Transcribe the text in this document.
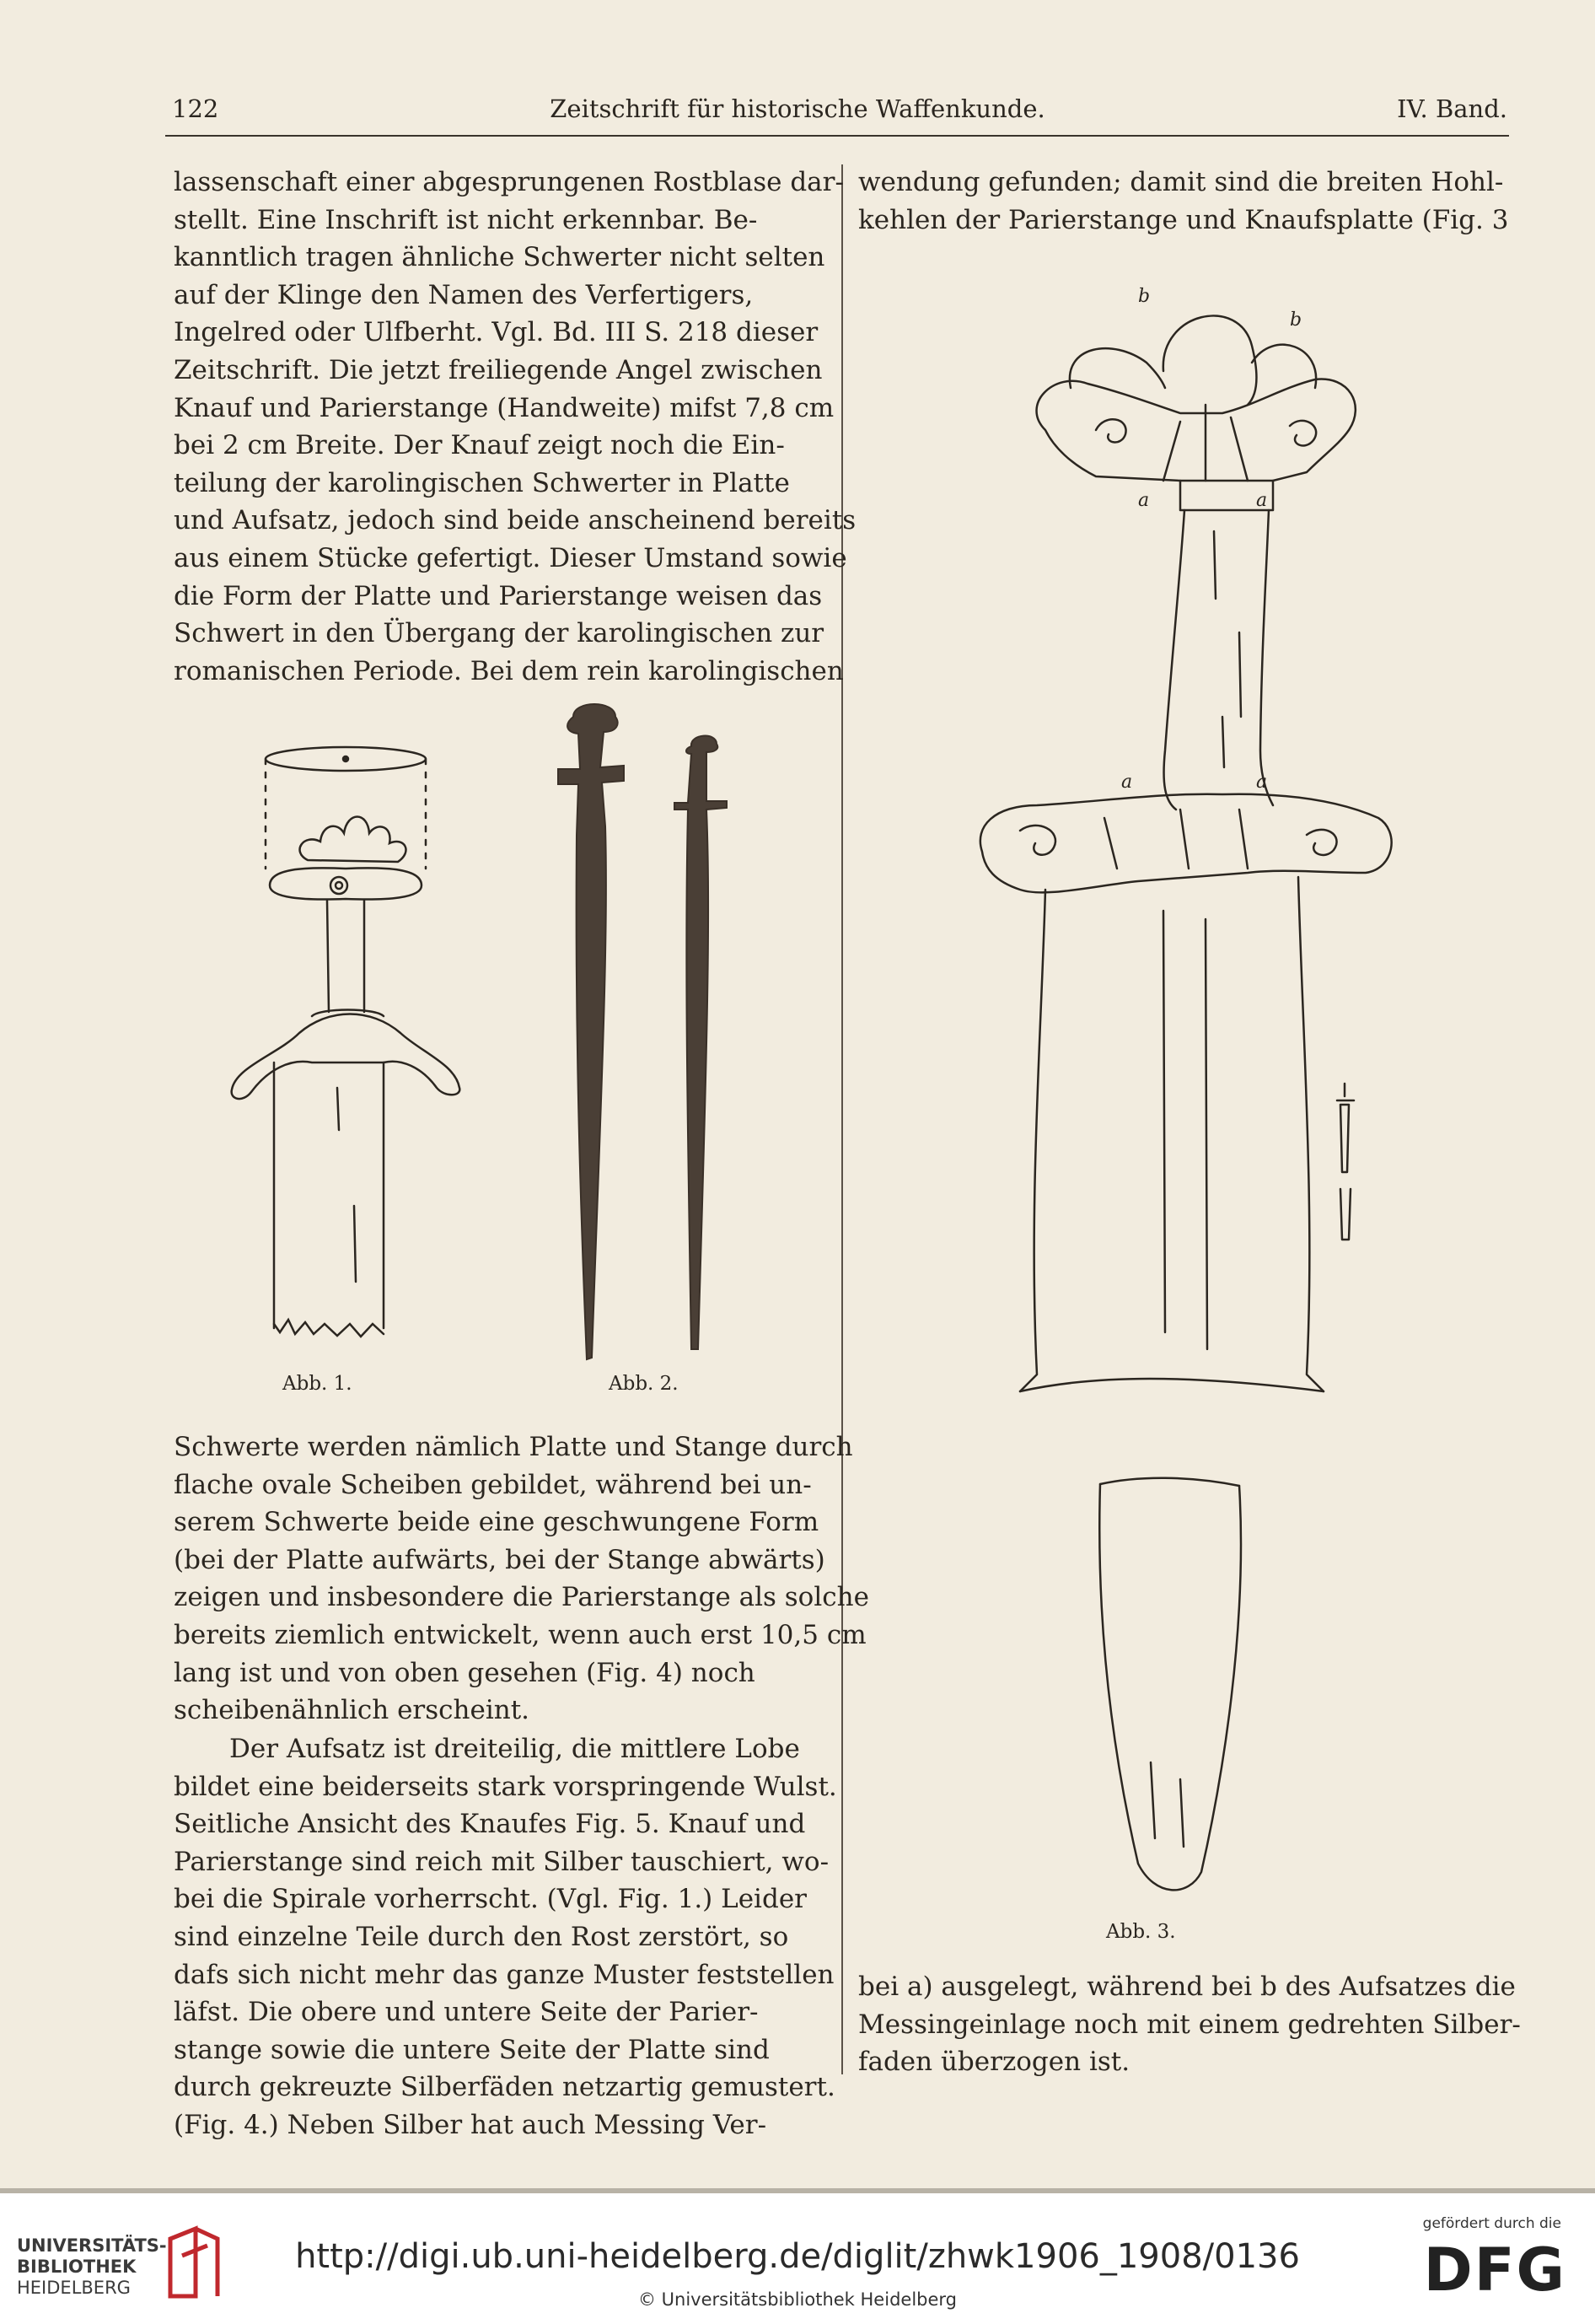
122	Zeitschrift für historische Waffenkunde.	IV. Band.
lassenschaft einer abgesprungenen Rostblase dar-
stellt. Eine Inschrift ist nicht erkennbar. Be-
kanntlich tragen ähnliche Schwerter nicht selten
auf der Klinge den Namen des Verfertigers,
Ingelred oder Ulfberht. Vgl. Bd. III S. 218 dieser
Zeitschrift. Die jetzt freiliegende Angel zwischen
Knauf und Parierstange (Handweite) mifst 7,8 cm
bei 2 cm Breite. Der Knauf zeigt noch die Ein-
teilung der karolingischen Schwerter in Platte
und Aufsatz, jedoch sind beide anscheinend bereits
aus einem Stücke gefertigt. Dieser Umstand sowie
die Form der Platte und Parierstange weisen das
Schwert in den Übergang der karolingischen zur
romanischen Periode. Bei dem rein karolingischen
Abb. 1.	Abb. 2.
Schwerte werden nämlich Platte und Stange durch
flache ovale Scheiben gebildet, während bei un-
serem Schwerte beide eine geschwungene Form
(bei der Platte aufwärts, bei der Stange abwärts)
zeigen und insbesondere die Parierstange als solche
bereits ziemlich entwickelt, wenn auch erst 10,5 cm
lang ist und von oben gesehen (Fig. 4) noch
scheibenähnlich erscheint.
Der Aufsatz ist dreiteilig, die mittlere Lobe
bildet eine beiderseits stark vorspringende Wulst.
Seitliche Ansicht des Knaufes Fig. 5. Knauf und
Parierstange sind reich mit Silber tauschiert, wo-
bei die Spirale vorherrscht. (Vgl. Fig. 1.) Leider
sind einzelne Teile durch den Rost zerstört, so
dafs sich nicht mehr das ganze Muster feststellen
läfst. Die obere und untere Seite der Parier-
stange sowie die untere Seite der Platte sind
durch gekreuzte Silberfäden netzartig gemustert.
(Fig. 4.) Neben Silber hat auch Messing Ver-
wendung gefunden; damit sind die breiten Hohl-
kehlen der Parierstange und Knaufsplatte (Fig. 3
b
b
a	a
a	a
Abb. 3.
bei a) ausgelegt, während bei b des Aufsatzes die
Messingeinlage noch mit einem gedrehten Silber-
faden überzogen ist.
UNIVERSITÄTS-
BIBLIOTHEK
HEIDELBERG
http://digi.ub.uni-heidelberg.de/diglit/zhwk1906_1908/0136
© Universitätsbibliothek Heidelberg
gefördert durch die
DFG
